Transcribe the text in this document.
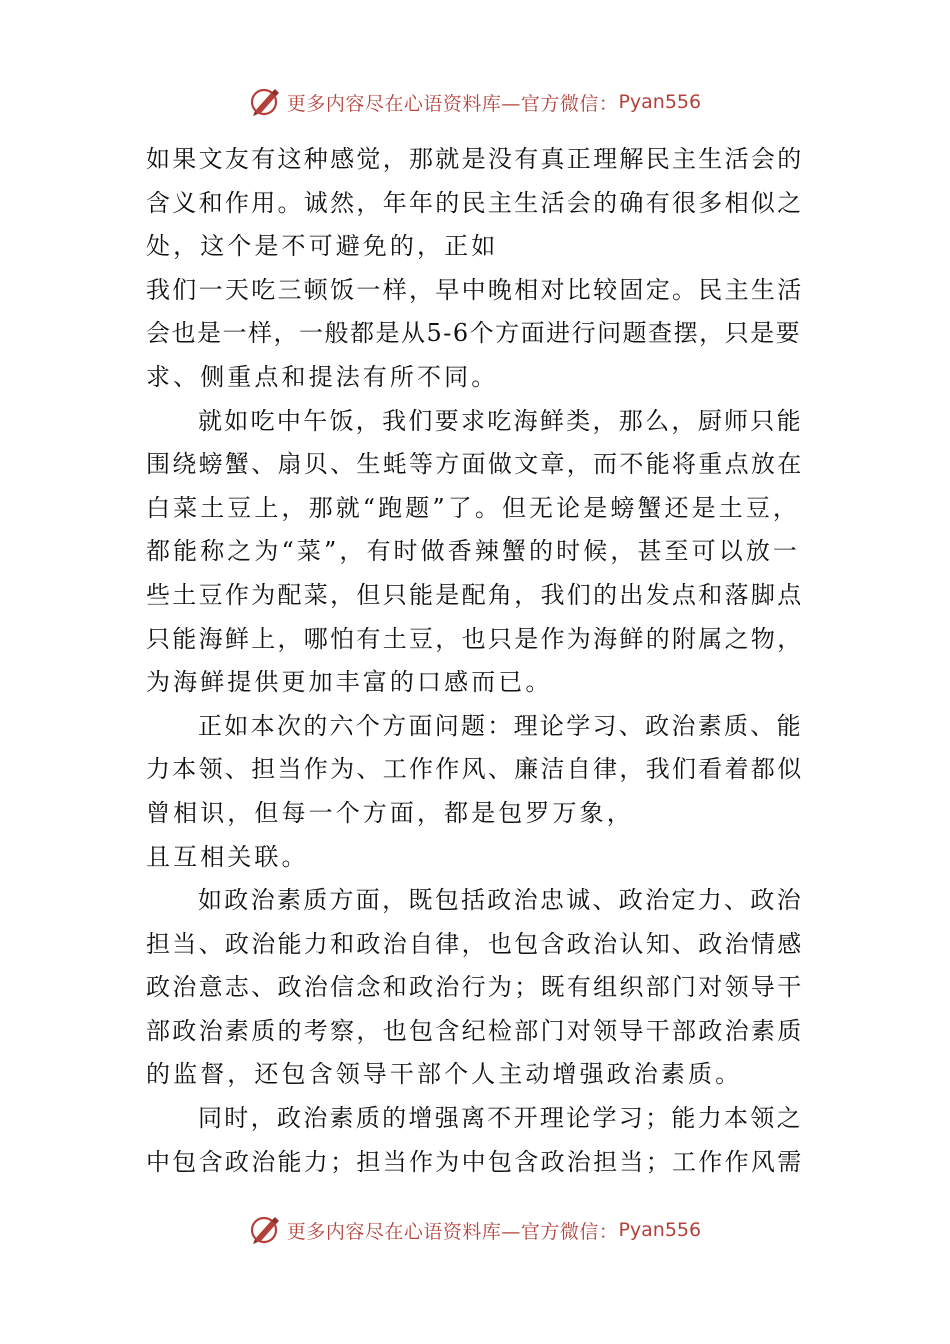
更多内容尽在心语资料库— 官方微信： Pyan556
如果文友有这种感觉，那就是没有真正理解民主生活会的
含义和作用。诚然，年年的民主生活会的确有很多相似之
处，这个是不可避免的，正如
我们一天吃三顿饭一样，早中晚相对比较固定。民主生活
会也是一样，一般都是从5-6个方面进行问题查摆，只是要
求、侧重点和提法有所不同。
就如吃中午饭，我们要求吃海鲜类，那么，厨师只能
围绕螃蟹、扇贝、生蚝等方面做文章，而不能将重点放在
白菜土豆上，那就“跑题”了。但无论是螃蟹还是土豆，
都能称之为“菜”，有时做香辣蟹的时候，甚至可以放一
些土豆作为配菜，但只能是配角，我们的出发点和落脚点
只能海鲜上，哪怕有土豆，也只是作为海鲜的附属之物，
为海鲜提供更加丰富的口感而已。
正如本次的六个方面问题：理论学习、政治素质、能
力本领、担当作为、工作作风、廉洁自律，我们看着都似
曾相识，但每一个方面，都是包罗万象，
且互相关联。
如政治素质方面，既包括政治忠诚、政治定力、政治
担当、政治能力和政治自律，也包含政治认知、政治情感
政治意志、政治信念和政治行为；既有组织部门对领导干
部政治素质的考察，也包含纪检部门对领导干部政治素质
的监督，还包含领导干部个人主动增强政治素质。
同时，政治素质的增强离不开理论学习；能力本领之
中包含政治能力；担当作为中包含政治担当；工作作风需
更多内容尽在心语资料库— 官方微信： Pyan556
